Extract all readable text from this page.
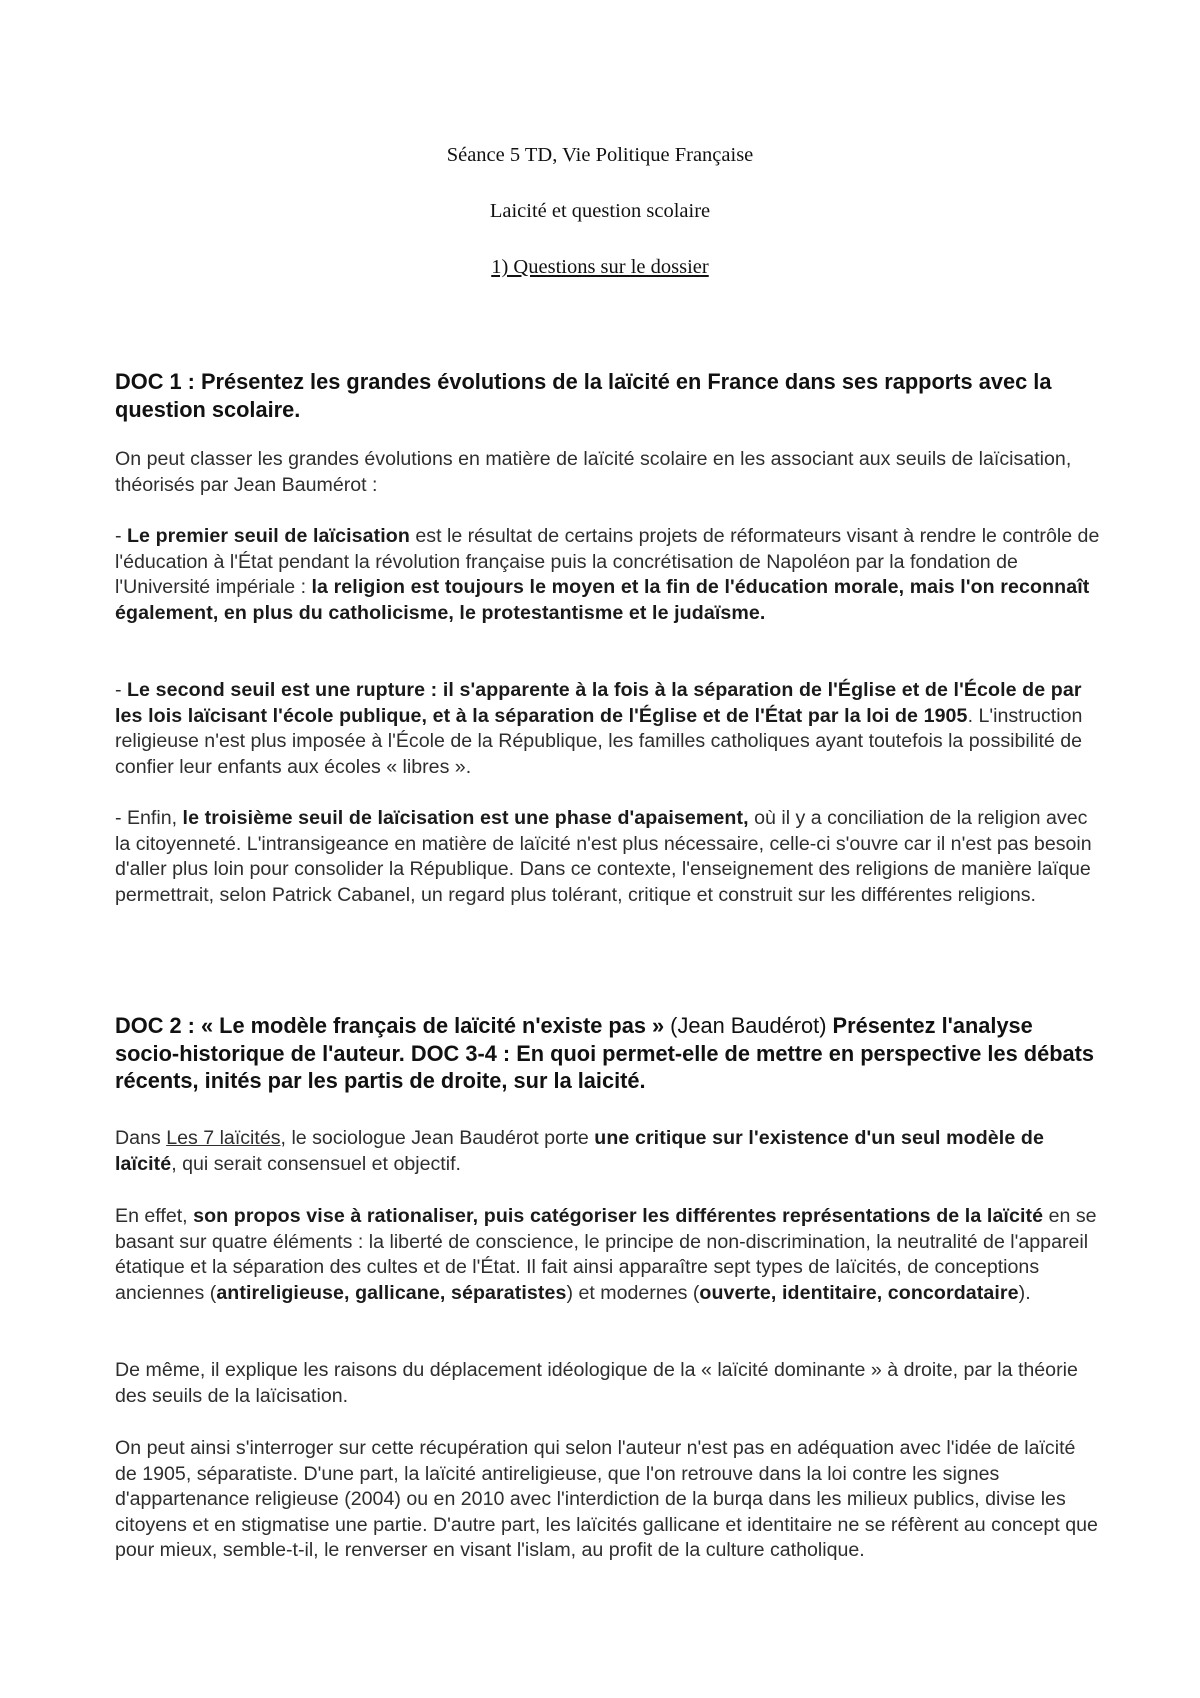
Séance 5 TD, Vie Politique Française
Laicité et question scolaire
1) Questions sur le dossier
DOC 1 : Présentez les grandes évolutions de la laïcité en France dans ses rapports avec la question scolaire.
On peut classer les grandes évolutions en matière de laïcité scolaire en les associant aux seuils de laïcisation, théorisés par Jean Baumérot :
- Le premier seuil de laïcisation est le résultat de certains projets de réformateurs visant à rendre le contrôle de l'éducation à l'État pendant la révolution française puis la concrétisation de Napoléon par la fondation de l'Université impériale : la religion est toujours le moyen et la fin de l'éducation morale, mais l'on reconnaît également, en plus du catholicisme, le protestantisme et le judaïsme.
- Le second seuil est une rupture : il s'apparente à la fois à la séparation de l'Église et de l'École de par les lois laïcisant l'école publique, et à la séparation de l'Église et de l'État par la loi de 1905. L'instruction religieuse n'est plus imposée à l'École de la République, les familles catholiques ayant toutefois la possibilité de confier leur enfants aux écoles « libres ».
- Enfin, le troisième seuil de laïcisation est une phase d'apaisement, où il y a conciliation de la religion avec la citoyenneté. L'intransigeance en matière de laïcité n'est plus nécessaire, celle-ci s'ouvre car il n'est pas besoin d'aller plus loin pour consolider la République. Dans ce contexte, l'enseignement des religions de manière laïque permettrait, selon Patrick Cabanel, un regard plus tolérant, critique et construit sur les différentes religions.
DOC 2 : « Le modèle français de laïcité n'existe pas » (Jean Baudérot) Présentez l'analyse socio-historique de l'auteur. DOC 3-4 : En quoi permet-elle de mettre en perspective les débats récents, inités par les partis de droite, sur la laicité.
Dans Les 7 laïcités, le sociologue Jean Baudérot porte une critique sur l'existence d'un seul modèle de laïcité, qui serait consensuel et objectif.
En effet, son propos vise à rationaliser, puis catégoriser les différentes représentations de la laïcité en se basant sur quatre éléments : la liberté de conscience, le principe de non-discrimination, la neutralité de l'appareil étatique et la séparation des cultes et de l'État. Il fait ainsi apparaître sept types de laïcités, de conceptions anciennes (antireligieuse, gallicane, séparatistes) et modernes (ouverte, identitaire, concordataire).
De même, il explique les raisons du déplacement idéologique de la « laïcité dominante » à droite, par la théorie des seuils de la laïcisation.
On peut ainsi s'interroger sur cette récupération qui selon l'auteur n'est pas en adéquation avec l'idée de laïcité de 1905, séparatiste. D'une part, la laïcité antireligieuse, que l'on retrouve dans la loi contre les signes d'appartenance religieuse (2004) ou en 2010 avec l'interdiction de la burqa dans les milieux publics, divise les citoyens et en stigmatise une partie. D'autre part, les laïcités gallicane et identitaire ne se réfèrent au concept que pour mieux, semble-t-il, le renverser en visant l'islam, au profit de la culture catholique.
